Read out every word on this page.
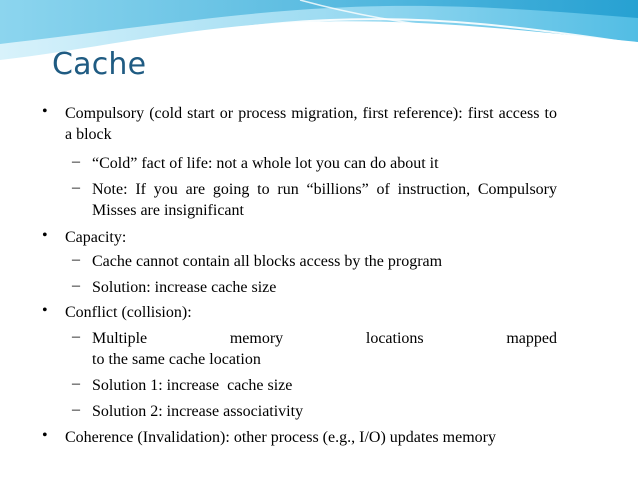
Cache
• Compulsory (cold start or process migration, first reference): first access to a block
– “Cold” fact of life: not a whole lot you can do about it
– Note: If you are going to run “billions” of instruction, Compulsory Misses are insignificant
• Capacity:
– Cache cannot contain all blocks access by the program
– Solution: increase cache size
• Conflict (collision):
– Multiple memory locations mapped
to the same cache location
– Solution 1: increase  cache size
– Solution 2: increase associativity
• Coherence (Invalidation): other process (e.g., I/O) updates memory
